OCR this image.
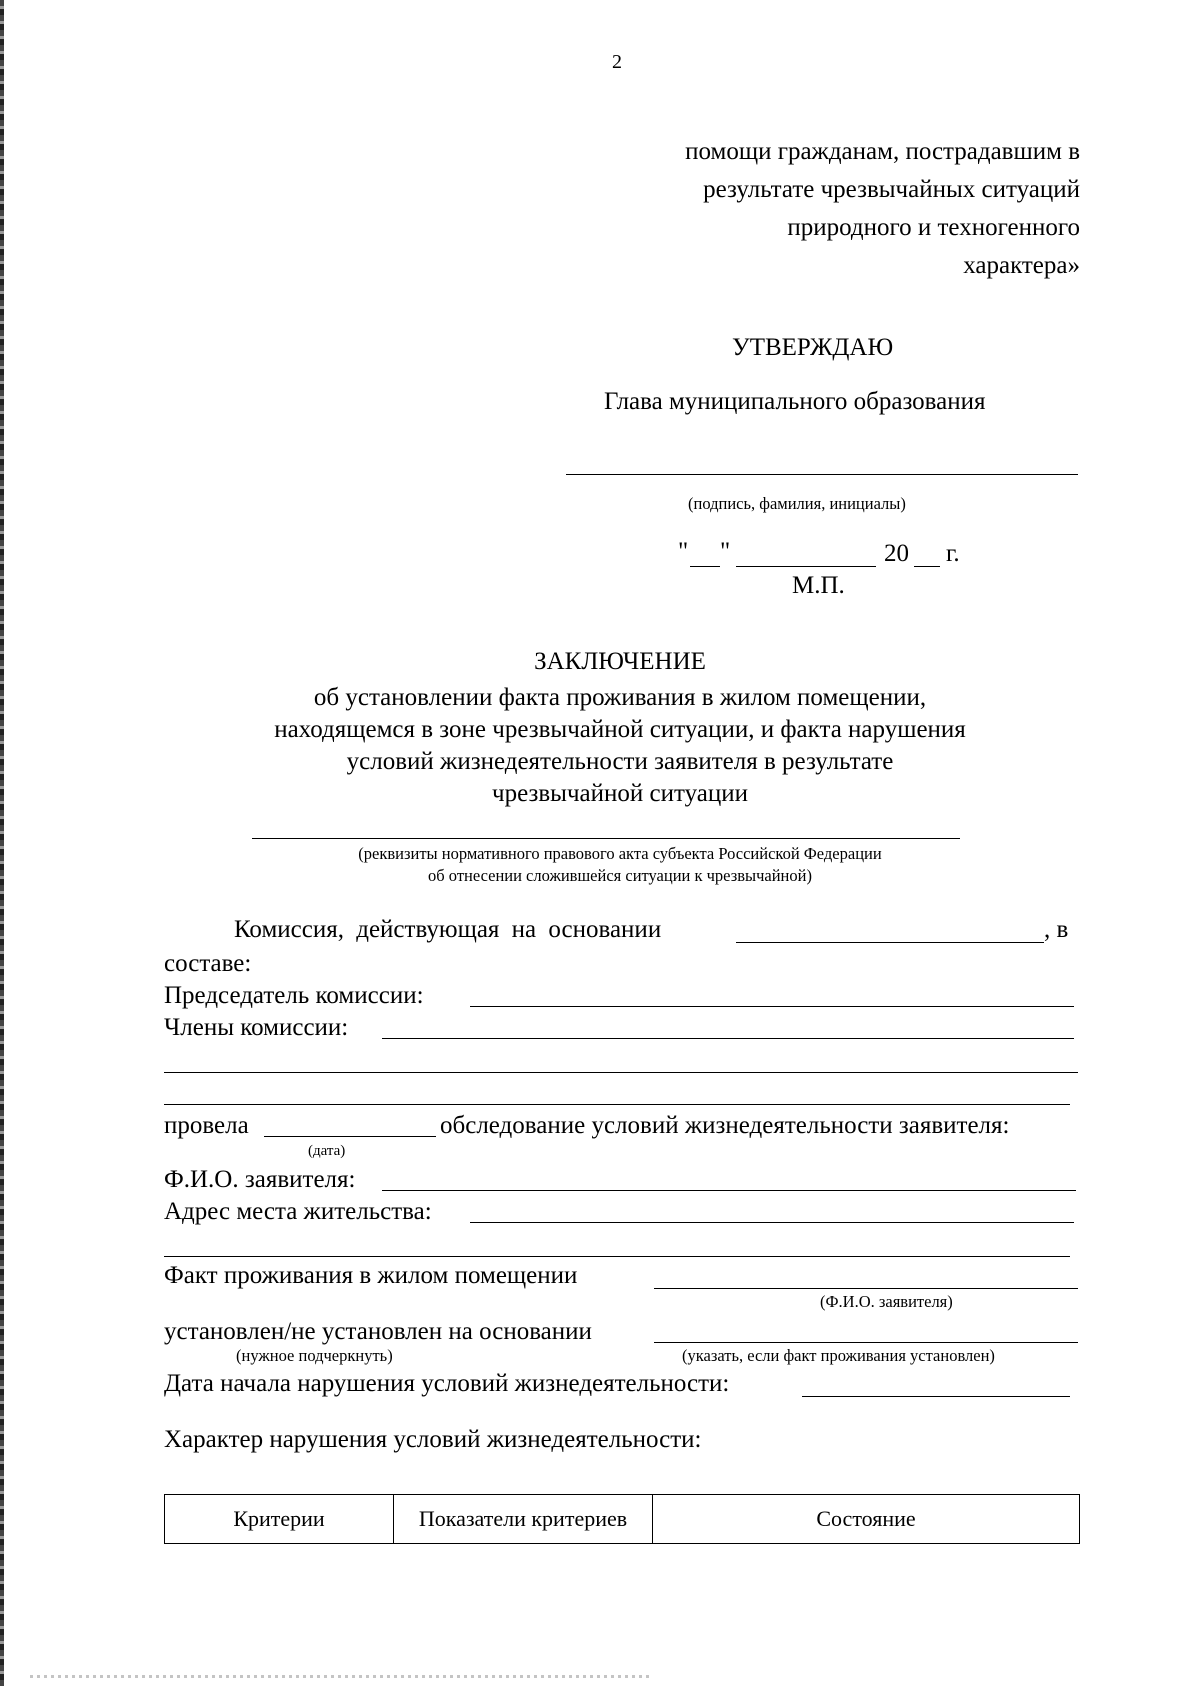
2
помощи гражданам, пострадавшим в
результате чрезвычайных ситуаций
природного и техногенного
характера»
УТВЕРЖДАЮ
Глава муниципального образования
(подпись, фамилия, инициалы)
" "	20 г.
М.П.
ЗАКЛЮЧЕНИЕ
об установлении факта проживания в жилом помещении,
находящемся в зоне чрезвычайной ситуации, и факта нарушения
условий жизнедеятельности заявителя в результате
чрезвычайной ситуации
(реквизиты нормативного правового акта субъекта Российской Федерации
об отнесении сложившейся ситуации к чрезвычайной)
Комиссия, действующая на основании	, в
составе:
Председатель комиссии:
Члены комиссии:
провела	обследование условий жизнедеятельности заявителя:
(дата)
Ф.И.О. заявителя:
Адрес места жительства:
Факт проживания в жилом помещении
(Ф.И.О. заявителя)
установлен/не установлен на основании
(нужное подчеркнуть)	(указать, если факт проживания установлен)
Дата начала нарушения условий жизнедеятельности:
Характер нарушения условий жизнедеятельности:
Критерии	Показатели критериев	Состояние
